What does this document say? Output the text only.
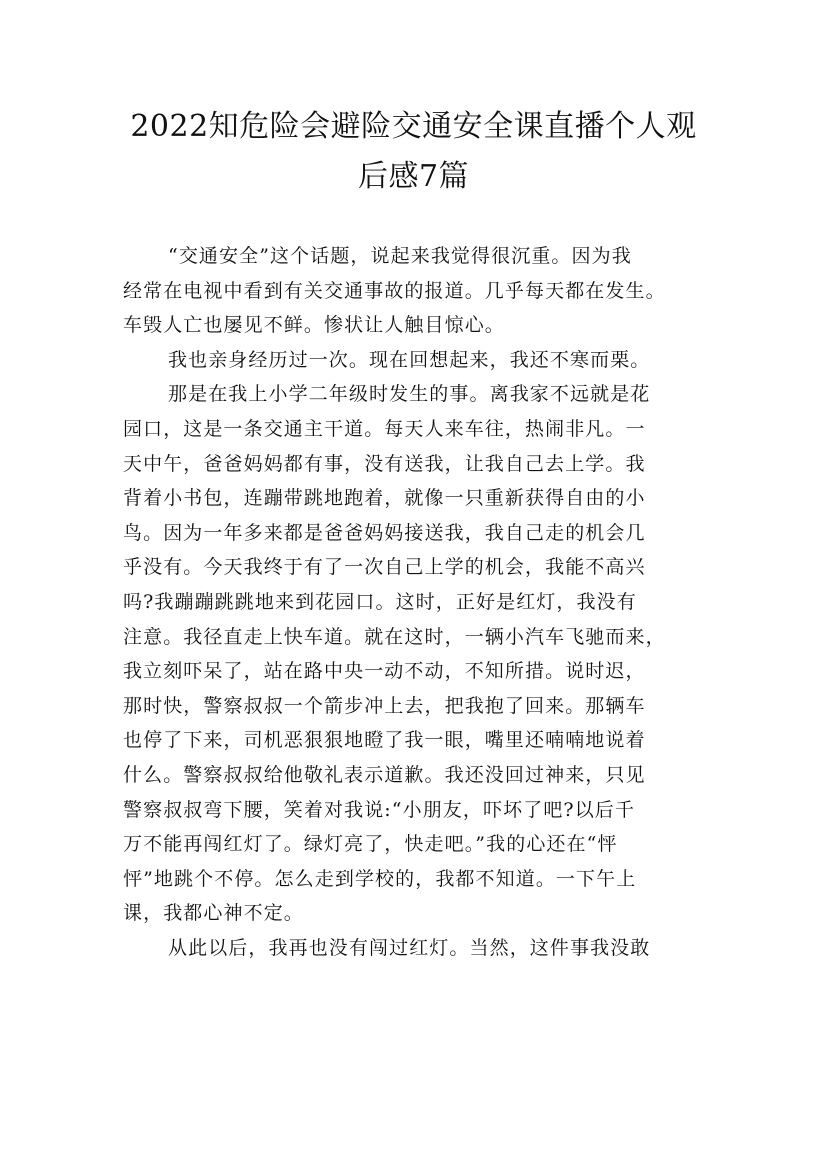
2022知危险会避险交通安全课直播个人观
后感7篇
“交通安全”这个话题，说起来我觉得很沉重。因为我
经常在电视中看到有关交通事故的报道。几乎每天都在发生。
车毁人亡也屡见不鲜。惨状让人触目惊心。
我也亲身经历过一次。现在回想起来，我还不寒而栗。
那是在我上小学二年级时发生的事。离我家不远就是花
园口，这是一条交通主干道。每天人来车往，热闹非凡。一
天中午，爸爸妈妈都有事，没有送我，让我自己去上学。我
背着小书包，连蹦带跳地跑着，就像一只重新获得自由的小
鸟。因为一年多来都是爸爸妈妈接送我，我自己走的机会几
乎没有。今天我终于有了一次自己上学的机会，我能不高兴
吗?我蹦蹦跳跳地来到花园口。这时，正好是红灯，我没有
注意。我径直走上快车道。就在这时，一辆小汽车飞驰而来，
我立刻吓呆了，站在路中央一动不动，不知所措。说时迟，
那时快，警察叔叔一个箭步冲上去，把我抱了回来。那辆车
也停了下来，司机恶狠狠地瞪了我一眼，嘴里还喃喃地说着
什么。警察叔叔给他敬礼表示道歉。我还没回过神来，只见
警察叔叔弯下腰，笑着对我说:“小朋友，吓坏了吧?以后千
万不能再闯红灯了。绿灯亮了，快走吧。”我的心还在“怦
怦”地跳个不停。怎么走到学校的，我都不知道。一下午上
课，我都心神不定。
从此以后，我再也没有闯过红灯。当然，这件事我没敢
